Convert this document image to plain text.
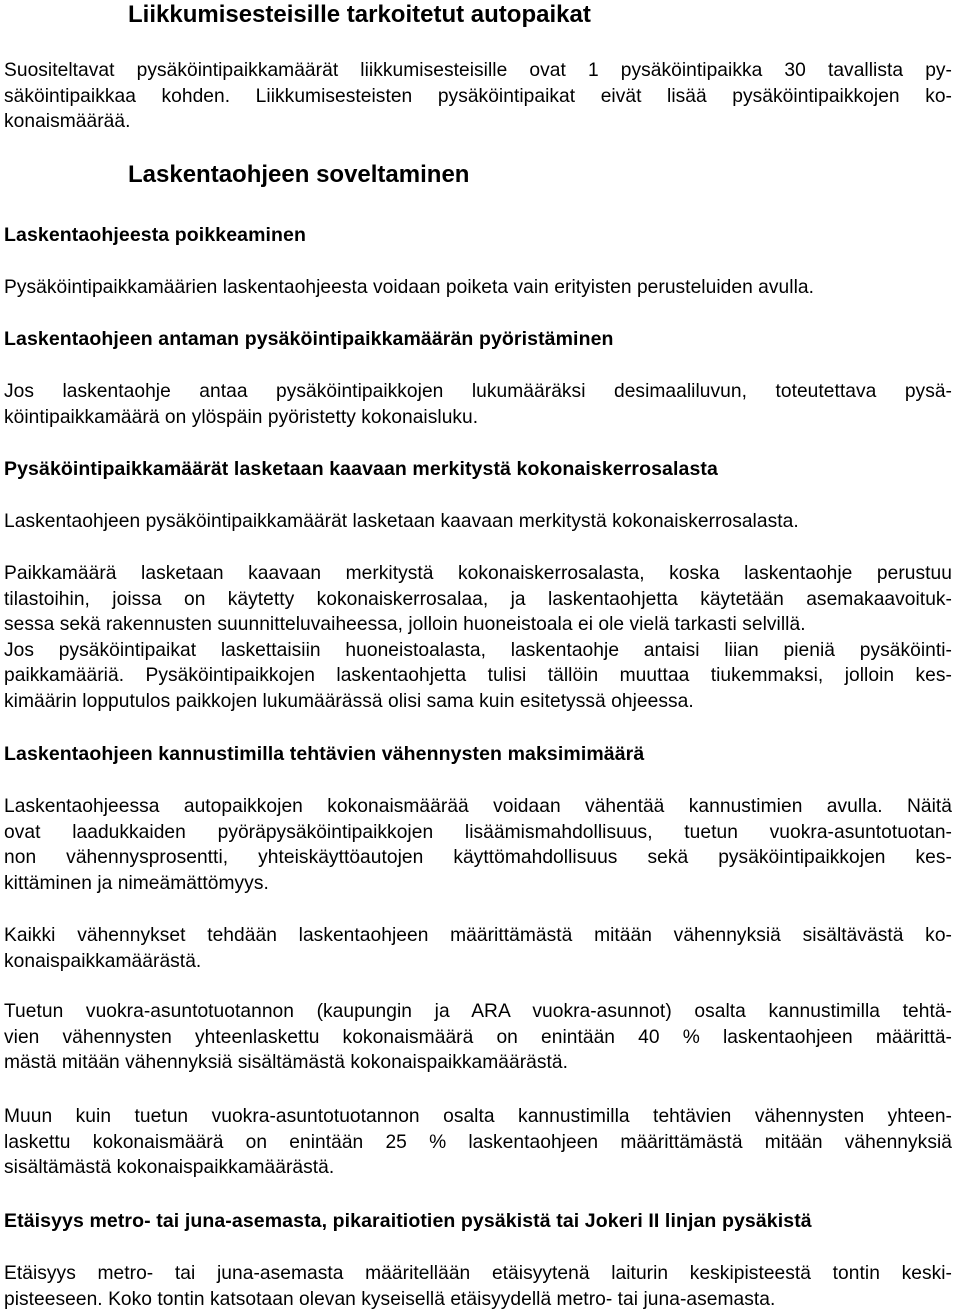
Liikkumisesteisille tarkoitetut autopaikat
Suositeltavat pysäköintipaikkamäärät liikkumisesteisille ovat 1 pysäköintipaikka 30 tavallista py-
säköintipaikkaa kohden. Liikkumisesteisten pysäköintipaikat eivät lisää pysäköintipaikkojen ko-
konaismäärää.
Laskentaohjeen soveltaminen
Laskentaohjeesta poikkeaminen
Pysäköintipaikkamäärien laskentaohjeesta voidaan poiketa vain erityisten perusteluiden avulla.
Laskentaohjeen antaman pysäköintipaikkamäärän pyöristäminen
Jos laskentaohje antaa pysäköintipaikkojen lukumääräksi desimaaliluvun, toteutettava pysä-
köintipaikkamäärä on ylöspäin pyöristetty kokonaisluku.
Pysäköintipaikkamäärät lasketaan kaavaan merkitystä kokonaiskerrosalasta
Laskentaohjeen pysäköintipaikkamäärät lasketaan kaavaan merkitystä kokonaiskerrosalasta.
Paikkamäärä lasketaan kaavaan merkitystä kokonaiskerrosalasta, koska laskentaohje perustuu
tilastoihin, joissa on käytetty kokonaiskerrosalaa, ja laskentaohjetta käytetään asemakaavoituk-
sessa sekä rakennusten suunnitteluvaiheessa, jolloin huoneistoala ei ole vielä tarkasti selvillä.
Jos pysäköintipaikat laskettaisiin huoneistoalasta, laskentaohje antaisi liian pieniä pysäköinti-
paikkamääriä. Pysäköintipaikkojen laskentaohjetta tulisi tällöin muuttaa tiukemmaksi, jolloin kes-
kimäärin lopputulos paikkojen lukumäärässä olisi sama kuin esitetyssä ohjeessa.
Laskentaohjeen kannustimilla tehtävien vähennysten maksimimäärä
Laskentaohjeessa autopaikkojen kokonaismäärää voidaan vähentää kannustimien avulla. Näitä
ovat laadukkaiden pyöräpysäköintipaikkojen lisäämismahdollisuus, tuetun vuokra-asuntotuotan-
non vähennysprosentti, yhteiskäyttöautojen käyttömahdollisuus sekä pysäköintipaikkojen kes-
kittäminen ja nimeämättömyys.
Kaikki vähennykset tehdään laskentaohjeen määrittämästä mitään vähennyksiä sisältävästä ko-
konaispaikkamäärästä.
Tuetun vuokra-asuntotuotannon (kaupungin ja ARA vuokra-asunnot) osalta kannustimilla tehtä-
vien vähennysten yhteenlaskettu kokonaismäärä on enintään 40 % laskentaohjeen määrittä-
mästä mitään vähennyksiä sisältämästä kokonaispaikkamäärästä.
Muun kuin tuetun vuokra-asuntotuotannon osalta kannustimilla tehtävien vähennysten yhteen-
laskettu kokonaismäärä on enintään 25 % laskentaohjeen määrittämästä mitään vähennyksiä
sisältämästä kokonaispaikkamäärästä.
Etäisyys metro- tai juna-asemasta, pikaraitiotien pysäkistä tai Jokeri II linjan pysäkistä
Etäisyys metro- tai juna-asemasta määritellään etäisyytenä laiturin keskipisteestä tontin keski-
pisteeseen. Koko tontin katsotaan olevan kyseisellä etäisyydellä metro- tai juna-asemasta.
